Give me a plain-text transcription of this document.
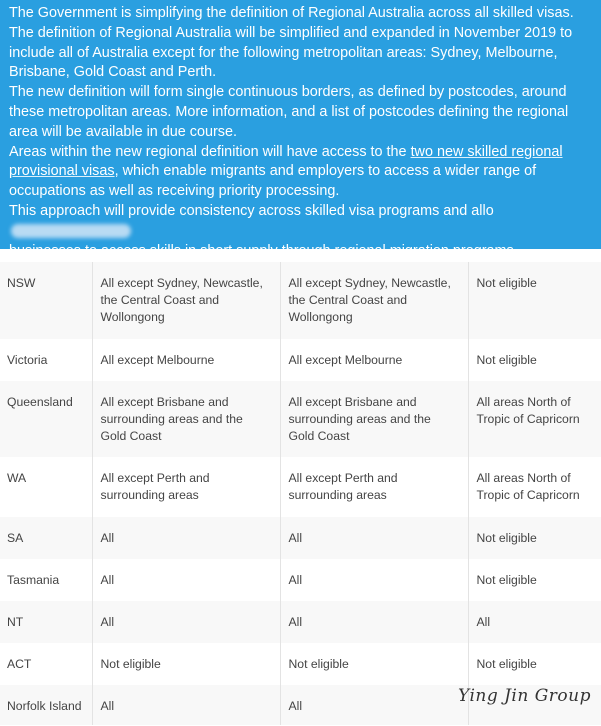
The Government is simplifying the definition of Regional Australia across all skilled visas. The definition of Regional Australia will be simplified and expanded in November 2019 to include all of Australia except for the following metropolitan areas: Sydney, Melbourne, Brisbane, Gold Coast and Perth.

The new definition will form single continuous borders, as defined by postcodes, around these metropolitan areas. More information, and a list of postcodes defining the regional area will be available in due course.

Areas within the new regional definition will have access to the two new skilled regional provisional visas, which enable migrants and employers to access a wider range of occupations as well as receiving priority processing.

This approach will provide consistency across skilled visa programs and allo
businesses to access skills in short supply through regional migration programs.

NSW	All except Sydney, Newcastle, the Central Coast and Wollongong	All except Sydney, Newcastle, the Central Coast and Wollongong	Not eligible
Victoria	All except Melbourne	All except Melbourne	Not eligible
Queensland	All except Brisbane and surrounding areas and the Gold Coast	All except Brisbane and surrounding areas and the Gold Coast	All areas North of Tropic of Capricorn
WA	All except Perth and surrounding areas	All except Perth and surrounding areas	All areas North of Tropic of Capricorn
SA	All	All	Not eligible
Tasmania	All	All	Not eligible
NT	All	All	All
ACT	Not eligible	Not eligible	Not eligible
Norfolk Island	All	All		Ying Jin Group
